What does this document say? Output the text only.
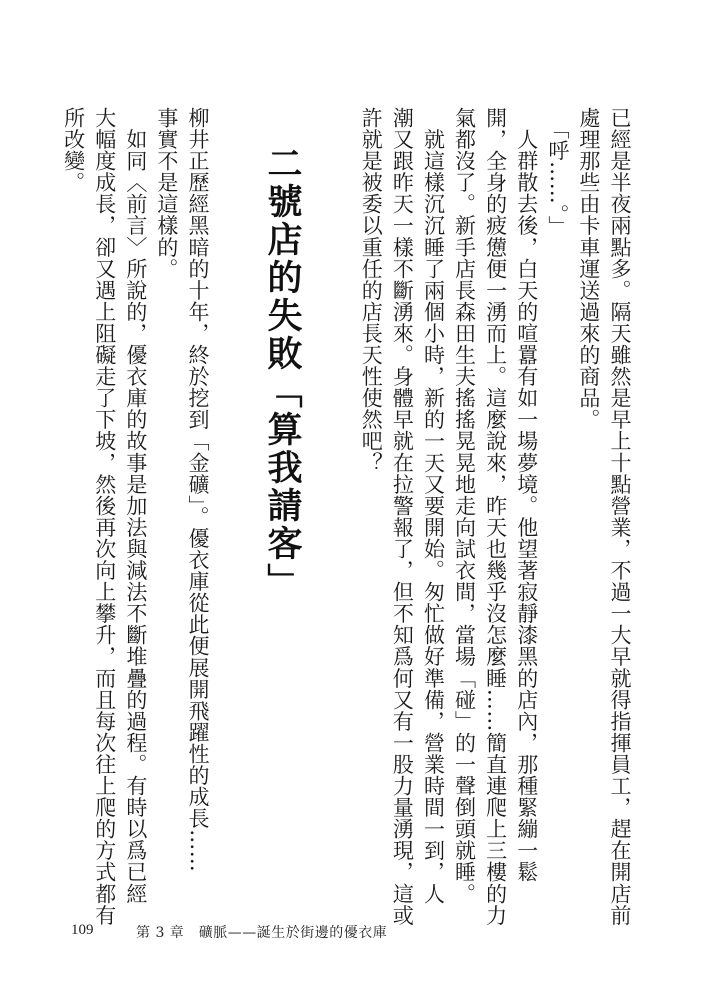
已經是半夜兩點多。隔天雖然是早上十點營業，不過一大早就得指揮員工，趕在開店前
處理那些由卡車運送過來的商品。
　「呼……。」
　人群散去後，白天的喧囂有如一場夢境。他望著寂靜漆黑的店內，那種緊繃一鬆
開，全身的疲憊便一湧而上。這麼說來，昨天也幾乎沒怎麼睡……簡直連爬上三樓的力
氣都沒了。新手店長森田生夫搖搖晃晃地走向試衣間，當場「碰」的一聲倒頭就睡。
　就這樣沉沉睡了兩個小時，新的一天又要開始。匆忙做好準備，營業時間一到，人
潮又跟昨天一樣不斷湧來。身體早就在拉警報了，但不知爲何又有一股力量湧現，這或
許就是被委以重任的店長天性使然吧？
二號店的失敗「算我請客」
柳井正歷經黑暗的十年，終於挖到「金礦」。優衣庫從此便展開飛躍性的成長……
事實不是這樣的。
　如同〈前言〉所說的，優衣庫的故事是加法與減法不斷堆疊的過程。有時以爲已經
大幅度成長，卻又遇上阻礙走了下坡，然後再次向上攀升，而且每次往上爬的方式都有
所改變。
109	第 3 章　礦脈——誕生於街邊的優衣庫
